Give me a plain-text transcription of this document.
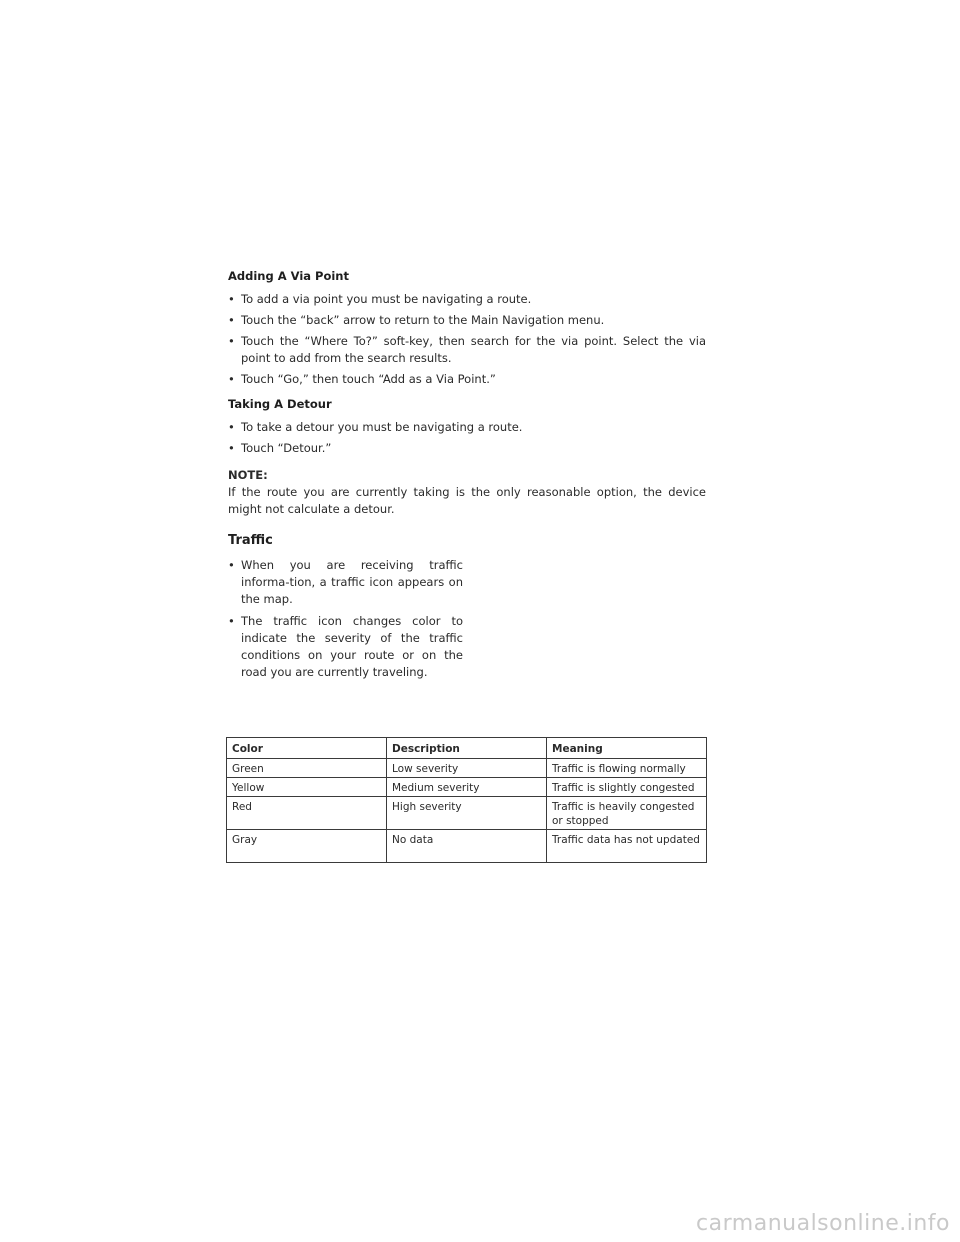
Adding A Via Point
• To add a via point you must be navigating a route.
• Touch the “back” arrow to return to the Main Navigation menu.
• Touch the “Where To?” soft-key, then search for the via point. Select the via point to add from the search results.
• Touch “Go,” then touch “Add as a Via Point.”
Taking A Detour
• To take a detour you must be navigating a route.
• Touch “Detour.”
NOTE:
If the route you are currently taking is the only reasonable option, the device might not calculate a detour.
Traffic
• When you are receiving traffic informa-tion, a traffic icon appears on the map.
• The traffic icon changes color to indicate the severity of the traffic conditions on your route or on the road you are currently traveling.
Color	Description	Meaning
Green	Low severity	Traffic is flowing normally
Yellow	Medium severity	Traffic is slightly congested
Red	High severity	Traffic is heavily congested or stopped
Gray	No data	Traffic data has not updated
carmanualsonline.info
